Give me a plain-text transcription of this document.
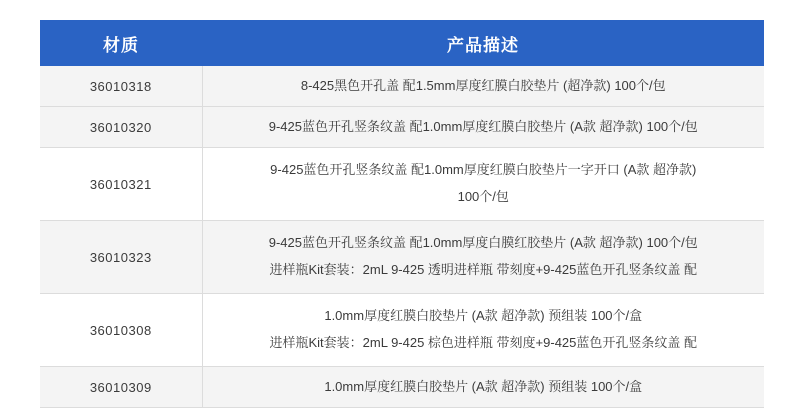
材质	产品描述
36010318	8-425黑色开孔盖 配1.5mm厚度红膜白胶垫片 (超净款) 100个/包

36010320	9-425蓝色开孔竖条纹盖 配1.0mm厚度红膜白胶垫片 (A款 超净款) 100个/包

36010321	9-425蓝色开孔竖条纹盖 配1.0mm厚度红膜白胶垫片一字开口 (A款 超净款)
100个/包

36010323	9-425蓝色开孔竖条纹盖 配1.0mm厚度白膜红胶垫片 (A款 超净款) 100个/包
进样瓶Kit套装：2mL 9-425 透明进样瓶 带刻度+9-425蓝色开孔竖条纹盖 配

36010308	1.0mm厚度红膜白胶垫片 (A款 超净款) 预组装 100个/盒
进样瓶Kit套装：2mL 9-425 棕色进样瓶 带刻度+9-425蓝色开孔竖条纹盖 配

36010309	1.0mm厚度红膜白胶垫片 (A款 超净款) 预组装 100个/盒
